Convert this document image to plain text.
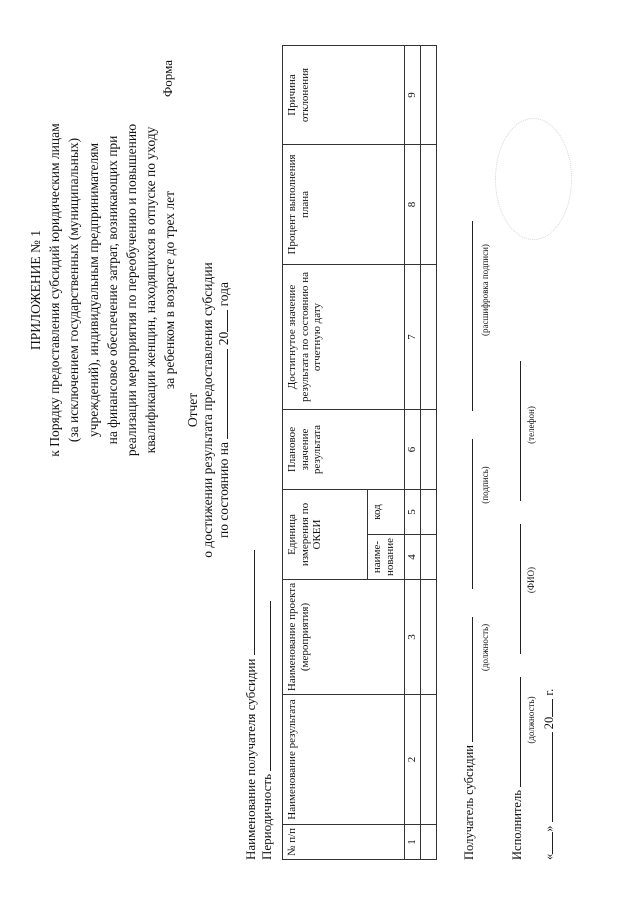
ПРИЛОЖЕНИЕ № 1 к Порядку предоставления субсидий юридическим лицам (за исключением государственных (муниципальных) учреждений), индивидуальным предпринимателям на финансовое обеспечение затрат, возникающих при реализации мероприятия по переобучению и повышению квалификации женщин, находящихся в отпуске по уходу за ребенком в возрасте до трех лет
Форма
Отчет о достижении результата предоставления субсидии по состоянию на  20 года
Наименование получателя субсидии Периодичность № п/п	Наименование результата	Наименование проекта (мероприятия)	Единица измерения по ОКЕИ		Плановое значение результата	Достигнутое значение результата по состоянию на отчетную дату	Процент выполнения плана	Причина отклонения
			наиме- нование	код				
1	2	3	4	5	6	7	8	9

Получатель субсидии
(должность)
(подпись)
(расшифровка подписи)
Исполнитель
(должность)
(ФИО)
(телефон)
«»  20 г.
